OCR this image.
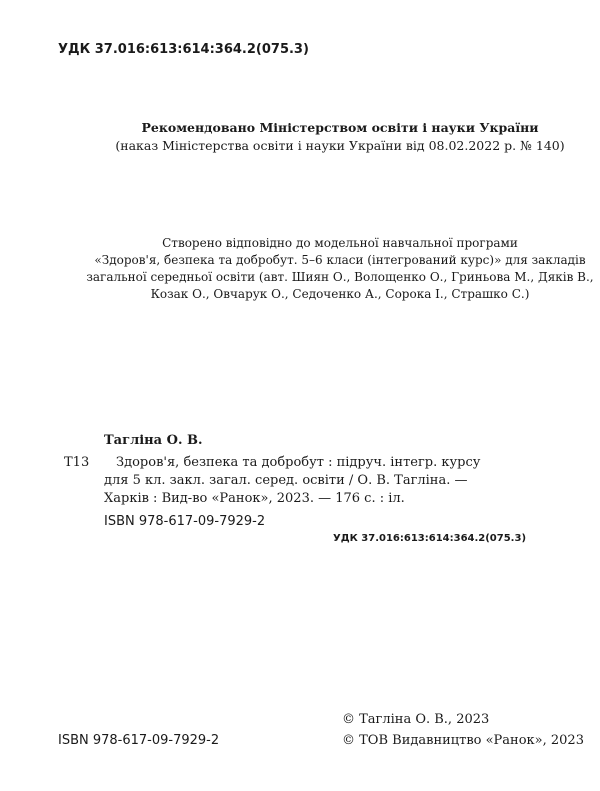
УДК 37.016:613:614:364.2(075.3)
Рекомендовано Міністерством освіти і науки України
(наказ Міністерства освіти і науки України від 08.02.2022 р. № 140)
Створено відповідно до модельної навчальної програми
«Здоров'я, безпека та добробут. 5–6 класи (інтегрований курс)» для закладів
загальної середньої освіти (авт. Шиян О., Волощенко О., Гриньова М., Дяків В.,
Козак О., Овчарук О., Седоченко А., Сорока І., Страшко С.)
Тагліна О. В.
Т13 Здоров'я, безпека та добробут : підруч. інтегр. курсу
для 5 кл. закл. загал. серед. освіти / О. В. Тагліна. —
Харків : Вид-во «Ранок», 2023. — 176 с. : іл.
ISBN 978-617-09-7929-2
УДК 37.016:613:614:364.2(075.3)
© Тагліна О. В., 2023
ISBN 978-617-09-7929-2	© ТОВ Видавництво «Ранок», 2023
